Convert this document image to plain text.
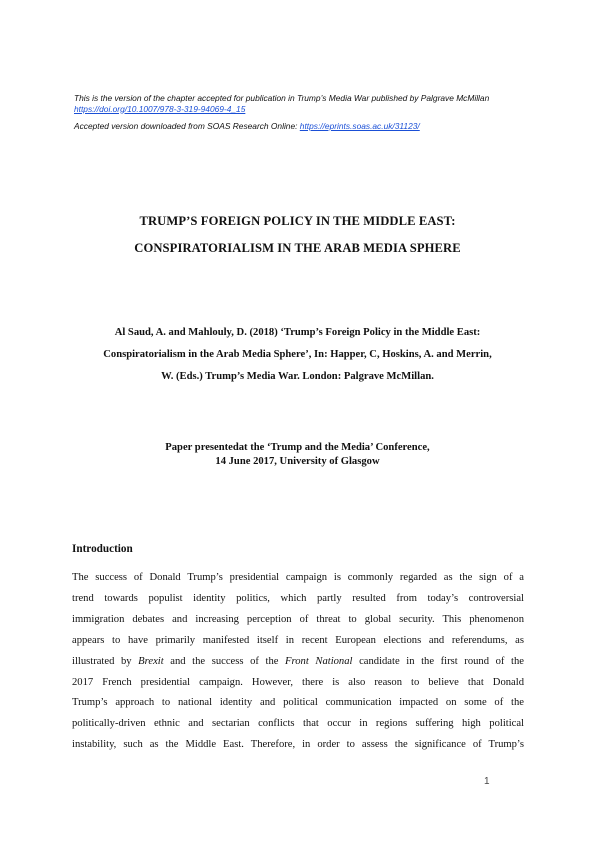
This is the version of the chapter accepted for publication in Trump’s Media War published by Palgrave McMillan https://doi.org/10.1007/978-3-319-94069-4_15

Accepted version downloaded from SOAS Research Online: https://eprints.soas.ac.uk/31123/

TRUMP’S FOREIGN POLICY IN THE MIDDLE EAST:
CONSPIRATORIALISM IN THE ARAB MEDIA SPHERE
Al Saud, A. and Mahlouly, D. (2018) ‘Trump’s Foreign Policy in the Middle East:
Conspiratorialism in the Arab Media Sphere’, In: Happer, C, Hoskins, A. and Merrin,
W. (Eds.) Trump’s Media War. London: Palgrave McMillan.
Paper presentedat the ‘Trump and the Media’ Conference,
14 June 2017, University of Glasgow
Introduction
The success of Donald Trump’s presidential campaign is commonly regarded as the sign of a
trend towards populist identity politics, which partly resulted from today’s controversial
immigration debates and increasing perception of threat to global security. This phenomenon
appears to have primarily manifested itself in recent European elections and referendums, as
illustrated by Brexit and the success of the Front National candidate in the first round of the
2017 French presidential campaign. However, there is also reason to believe that Donald
Trump’s approach to national identity and political communication impacted on some of the
politically-driven ethnic and sectarian conflicts that occur in regions suffering high political
instability, such as the Middle East. Therefore, in order to assess the significance of Trump’s
1
